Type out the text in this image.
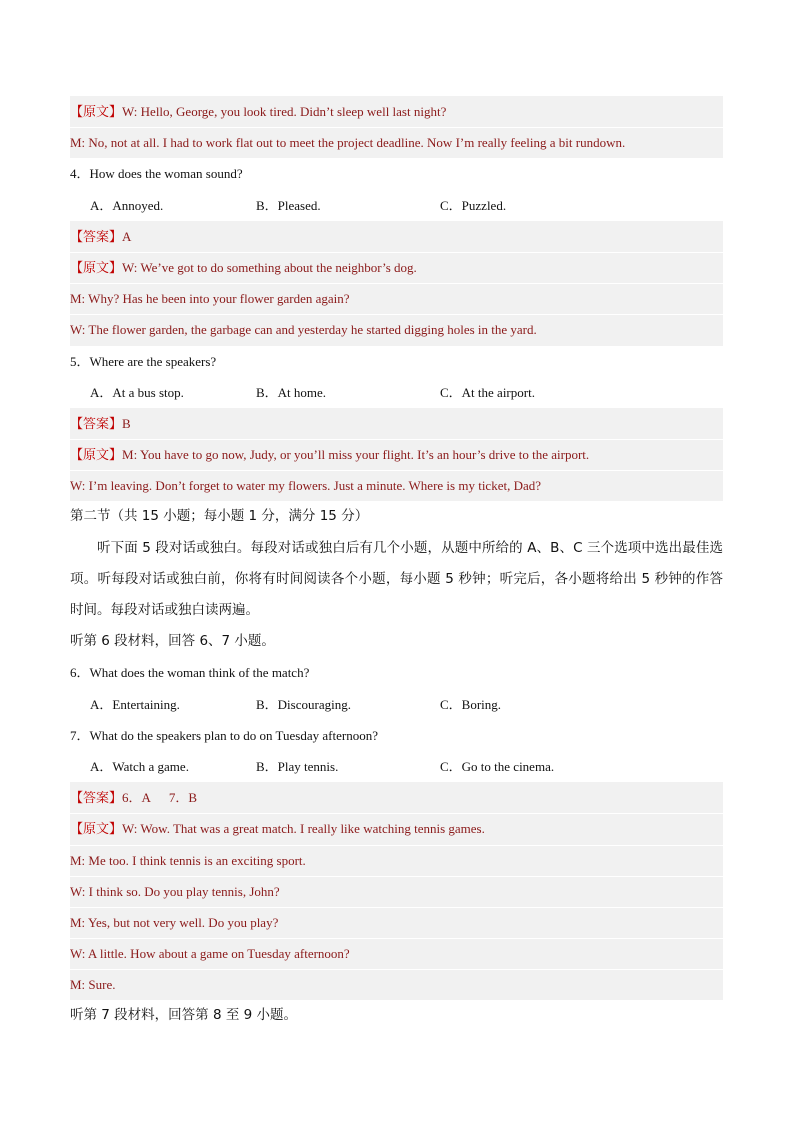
【原文】W: Hello, George, you look tired. Didn’t sleep well last night?
M: No, not at all. I had to work flat out to meet the project deadline. Now I’m really feeling a bit rundown.
4．How does the woman sound?
A．Annoyed.	B．Pleased.	C．Puzzled.
【答案】A
【原文】W: We’ve got to do something about the neighbor’s dog.
M: Why? Has he been into your flower garden again?
W: The flower garden, the garbage can and yesterday he started digging holes in the yard.
5．Where are the speakers?
A．At a bus stop.	B．At home.	C．At the airport.
【答案】B
【原文】M: You have to go now, Judy, or you’ll miss your flight. It’s an hour’s drive to the airport.
W: I’m leaving. Don’t forget to water my flowers. Just a minute. Where is my ticket, Dad?
第二节（共 15 小题；每小题 1 分，满分 15 分）
听下面 5 段对话或独白。每段对话或独白后有几个小题，从题中所给的 A、B、C 三个选项中选出最佳选项。听每段对话或独白前，你将有时间阅读各个小题，每小题 5 秒钟；听完后，各小题将给出 5 秒钟的作答时间。每段对话或独白读两遍。
听第 6 段材料，回答 6、7 小题。
6．What does the woman think of the match?
A．Entertaining.	B．Discouraging.	C．Boring.
7．What do the speakers plan to do on Tuesday afternoon?
A．Watch a game.	B．Play tennis.	C．Go to the cinema.
【答案】6．A 7．B
【原文】W: Wow. That was a great match. I really like watching tennis games.
M: Me too. I think tennis is an exciting sport.
W: I think so. Do you play tennis, John?
M: Yes, but not very well. Do you play?
W: A little. How about a game on Tuesday afternoon?
M: Sure.
听第 7 段材料，回答第 8 至 9 小题。
